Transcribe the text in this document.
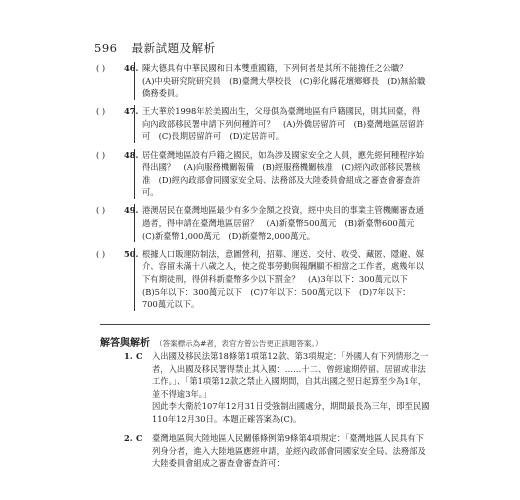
596 最新試題及解析
( ) 46. 陳大德具有中華民國和日本雙重國籍，下列何者是其所不能擔任之公職？　(A)中央研究院研究員　(B)臺灣大學校長　(C)彰化縣花壇鄉鄉長　(D)無給職僑務委員。
( ) 47. 王大華於1998年於美國出生，父母俱為臺灣地區有戶籍國民，則其回臺，得向內政部移民署申請下列何種許可？　(A)外僑居留許可　(B)臺灣地區居留許可　(C)長期居留許可　(D)定居許可。
( ) 48. 居住臺灣地區設有戶籍之國民，如為涉及國家安全之人員，應先經何種程序始得出國？　(A)向服務機關報備　(B)經服務機關核准　(C)經內政部移民署核准　(D)經內政部會同國家安全局、法務部及大陸委員會組成之審查會審查許可。
( ) 49. 港澳居民在臺灣地區最少有多少金額之投資，經中央目的事業主管機關審查通過者，得申請在臺灣地區居留？　(A)新臺幣500萬元　(B)新臺幣600萬元　(C)新臺幣1,000萬元　(D)新臺幣2,000萬元。
( ) 50. 根據人口販運防制法，意圖營利，招募、運送、交付、收受、藏匿、隱避、媒介、容留未滿十八歲之人，使之從事勞動與報酬顯不相當之工作者，處幾年以下有期徒刑，得併科新臺幣多少以下罰金？　(A)3年以下：300萬元以下　(B)5年以下：300萬元以下　(C)7年以下：500萬元以下　(D)7年以下：700萬元以下。
解答與解析 （答案標示為#者，表官方曾公告更正該題答案。）
1. C 入出國及移民法第18條第1項第12款、第3項規定：「外國人有下列情形之一者，入出國及移民署得禁止其入國：……十二、曾經逾期停留、居留或非法工作。」、「第1項第12款之禁止入國期間，自其出國之翌日起算至少為1年，並不得逾3年。」

因此李大衛於107年12月31日受強制出國處分，期間最長為三年，即至民國110年12月30日。本題正確答案為(C)。

2. C 臺灣地區與大陸地區人民關係條例第9條第4項規定：「臺灣地區人民具有下列身分者，進入大陸地區應經申請，並經內政部會同國家安全局、法務部及大陸委員會組成之審查會審查許可：
